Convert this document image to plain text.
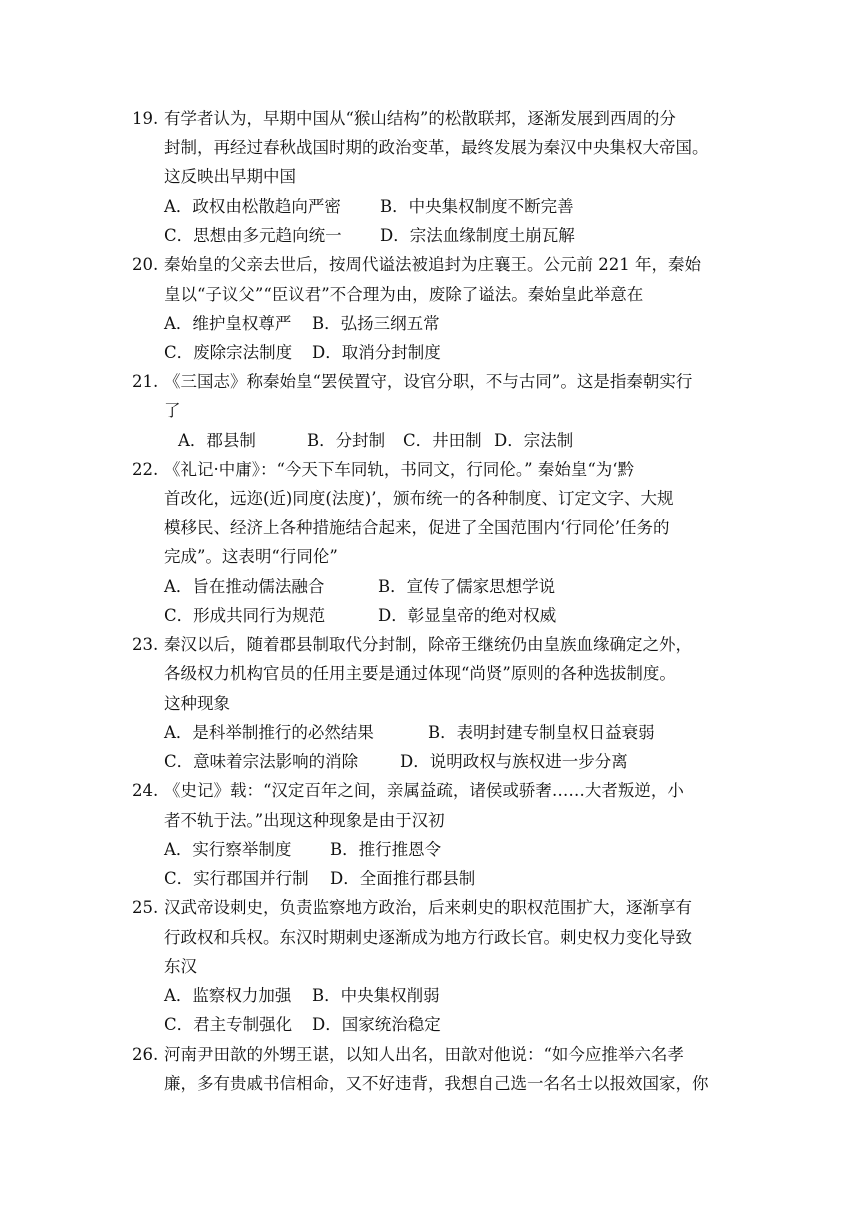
19. 有学者认为，早期中国从“猴山结构”的松散联邦，逐渐发展到西周的分
封制，再经过春秋战国时期的政治变革，最终发展为秦汉中央集权大帝国。
这反映出早期中国
A．政权由松散趋向严密 B．中央集权制度不断完善
C．思想由多元趋向统一 D．宗法血缘制度土崩瓦解
20. 秦始皇的父亲去世后，按周代谥法被追封为庄襄王。公元前 221 年，秦始
皇以“子议父”“臣议君”不合理为由，废除了谥法。秦始皇此举意在
A．维护皇权尊严 B．弘扬三纲五常
C．废除宗法制度 D．取消分封制度
21. 《三国志》称秦始皇“罢侯置守，设官分职，不与古同”。这是指秦朝实行
了
A．郡县制	B．分封制 C．井田制 D．宗法制
22. 《礼记·中庸》：“今天下车同轨，书同文，行同伦。” 秦始皇“为‘黔
首改化，远迩(近)同度(法度)’，颁布统一的各种制度、订定文字、大规
模移民、经济上各种措施结合起来，促进了全国范围内‘行同伦’任务的
完成”。这表明“行同伦”
A．旨在推动儒法融合	B．宣传了儒家思想学说
C．形成共同行为规范	D．彰显皇帝的绝对权威
23. 秦汉以后，随着郡县制取代分封制，除帝王继统仍由皇族血缘确定之外，
各级权力机构官员的任用主要是通过体现“尚贤”原则的各种选拔制度。
这种现象
A．是科举制推行的必然结果	B．表明封建专制皇权日益衰弱
C．意味着宗法影响的消除	D．说明政权与族权进一步分离
24. 《史记》载：“汉定百年之间，亲属益疏，诸侯或骄奢……大者叛逆，小
者不轨于法。”出现这种现象是由于汉初
A．实行察举制度 B．推行推恩令
C．实行郡国并行制 D．全面推行郡县制
25. 汉武帝设刺史，负责监察地方政治，后来刺史的职权范围扩大，逐渐享有
行政权和兵权。东汉时期刺史逐渐成为地方行政长官。刺史权力变化导致
东汉
A．监察权力加强 B．中央集权削弱
C．君主专制强化 D．国家统治稳定
26. 河南尹田歆的外甥王谌，以知人出名，田歆对他说：“如今应推举六名孝
廉，多有贵戚书信相命，又不好违背，我想自己选一名名士以报效国家，你
